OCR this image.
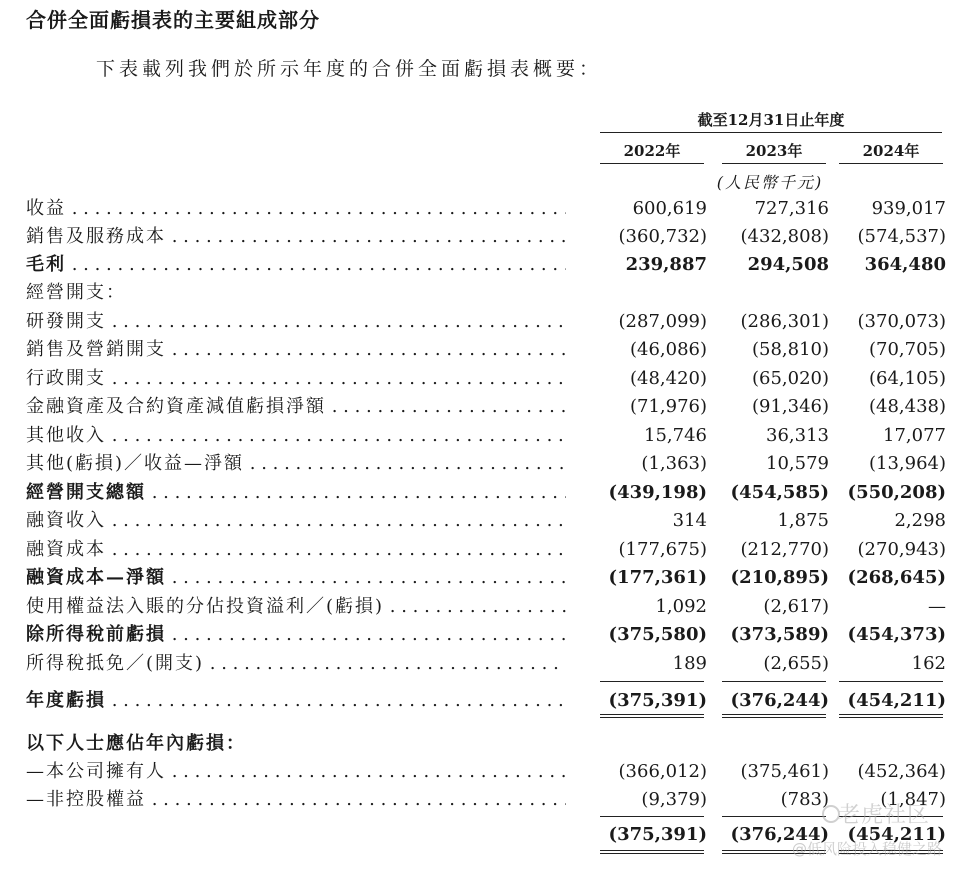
合併全面虧損表的主要組成部分
下表載列我們於所示年度的合併全面虧損表概要：
截至12月31日止年度
2022年	2023年	2024年
(人民幣千元)
收益 . . .	600,619	727,316	939,017
銷售及服務成本 . . .	(360,732)	(432,808)	(574,537)
毛利 . . .	239,887	294,508	364,480
經營開支：
研發開支 . . .	(287,099)	(286,301)	(370,073)
銷售及營銷開支 . . .	(46,086)	(58,810)	(70,705)
行政開支 . . .	(48,420)	(65,020)	(64,105)
金融資產及合約資產減值虧損淨額 . . .	(71,976)	(91,346)	(48,438)
其他收入 . . .	15,746	36,313	17,077
其他(虧損)／收益—淨額 . . .	(1,363)	10,579	(13,964)
經營開支總額 . . .	(439,198)	(454,585)	(550,208)
融資收入 . . .	314	1,875	2,298
融資成本 . . .	(177,675)	(212,770)	(270,943)
融資成本—淨額 . . .	(177,361)	(210,895)	(268,645)
使用權益法入賬的分佔投資溢利／(虧損) . . .	1,092	(2,617)	—
除所得稅前虧損 . . .	(375,580)	(373,589)	(454,373)
所得稅抵免／(開支) . . .	189	(2,655)	162
年度虧損 . . .	(375,391)	(376,244)	(454,211)
以下人士應佔年內虧損：
—本公司擁有人 . . .	(366,012)	(375,461)	(452,364)
—非控股權益 . . .	(9,379)	(783)	(1,847)
(375,391)	(376,244)	(454,211)
老虎社区
@低风险投入稳健之路
